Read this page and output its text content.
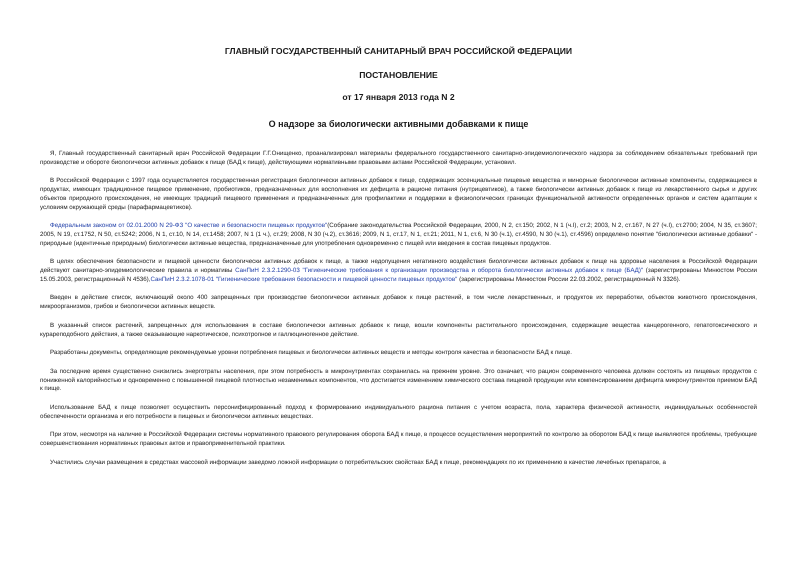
ГЛАВНЫЙ ГОСУДАРСТВЕННЫЙ САНИТАРНЫЙ ВРАЧ РОССИЙСКОЙ ФЕДЕРАЦИИ
ПОСТАНОВЛЕНИЕ
от 17 января 2013 года N 2
О надзоре за биологически активными добавками к пище

Я, Главный государственный санитарный врач Российской Федерации Г.Г.Онищенко, проанализировал материалы федерального государственного санитарно-эпидемиологического надзора за соблюдением обязательных требований при производстве и обороте биологически активных добавок к пище (БАД к пище), действующими нормативными правовыми актами Российской Федерации, установил.

В Российской Федерации с 1997 года осуществляется государственная регистрация биологически активных добавок к пище, содержащих эссенциальные пищевые вещества и минорные биологически активные компоненты, содержащиеся в продуктах, имеющих традиционное пищевое применение, пробиотиков, предназначенных для восполнения их дефицита в рационе питания (нутрицевтиков), а также биологически активных добавок к пище из лекарственного сырья и других объектов природного происхождения, не имеющих традиций пищевого применения и предназначенных для профилактики и поддержки в физиологических границах функциональной активности определенных органов и систем адаптации к условиям окружающей среды (парафармацевтиков).

Федеральным законом от 02.01.2000 N 29-ФЗ "О качестве и безопасности пищевых продуктов"(Собрание законодательства Российской Федерации, 2000, N 2, ст.150; 2002, N 1 (ч.I), ст.2; 2003, N 2, ст.167, N 27 (ч.I), ст.2700; 2004, N 35, ст.3607; 2005, N 19, ст.1752, N 50, ст.5242; 2006, N 1, ст.10, N 14, ст.1458; 2007, N 1 (1 ч.), ст.29; 2008, N 30 (ч.2), ст.3616; 2009, N 1, ст.17, N 1, ст.21; 2011, N 1, ст.6, N 30 (ч.1), ст.4590, N 30 (ч.1), ст.4596) определено понятие "биологически активные добавки" - природные (идентичные природным) биологически активные вещества, предназначенные для употребления одновременно с пищей или введения в состав пищевых продуктов.

В целях обеспечения безопасности и пищевой ценности биологически активных добавок к пище, а также недопущения негативного воздействия биологически активных добавок к пище на здоровье населения в Российской Федерации действуют санитарно-эпидемиологические правила и нормативы СанПиН 2.3.2.1290-03 "Гигиенические требования к организации производства и оборота биологически активных добавок к пище (БАД)" (зарегистрированы Минюстом России 15.05.2003, регистрационный N 4536),СанПиН 2.3.2.1078-01 "Гигиенические требования безопасности и пищевой ценности пищевых продуктов" (зарегистрированы Минюстом России 22.03.2002, регистрационный N 3326).

Введен в действие список, включающий около 400 запрещенных при производстве биологически активных добавок к пище растений, в том числе лекарственных, и продуктов их переработки, объектов животного происхождения, микроорганизмов, грибов и биологически активных веществ.

В указанный список растений, запрещенных для использования в составе биологически активных добавок к пище, вошли компоненты растительного происхождения, содержащие вещества канцерогенного, гепатотоксического и курареподобного действия, а также оказывающие наркотическое, психотропное и галлюциногенное действие.

Разработаны документы, определяющие рекомендуемые уровни потребления пищевых и биологически активных веществ и методы контроля качества и безопасности БАД к пище.

За последние время существенно снизились энерготраты населения, при этом потребность в микронутриентах сохранилась на прежнем уровне. Это означает, что рацион современного человека должен состоять из пищевых продуктов с пониженной калорийностью и одновременно с повышенной пищевой плотностью незаменимых компонентов, что достигается изменением химического состава пищевой продукции или компенсированием дефицита микронутриентов приемом БАД к пище.

Использование БАД к пище позволяет осуществить персонифицированный подход к формированию индивидуального рациона питания с учетом возраста, пола, характера физической активности, индивидуальных особенностей обеспеченности организма и его потребности в пищевых и биологически активных веществах.

При этом, несмотря на наличие в Российской Федерации системы нормативного правового регулирования оборота БАД к пище, в процессе осуществления мероприятий по контролю за оборотом БАД к пище выявляются проблемы, требующие совершенствования нормативных правовых актов и правоприменительной практики.

Участились случаи размещения в средствах массовой информации заведомо ложной информации о потребительских свойствах БАД к пище, рекомендациях по их применению в качестве лечебных препаратов, а
